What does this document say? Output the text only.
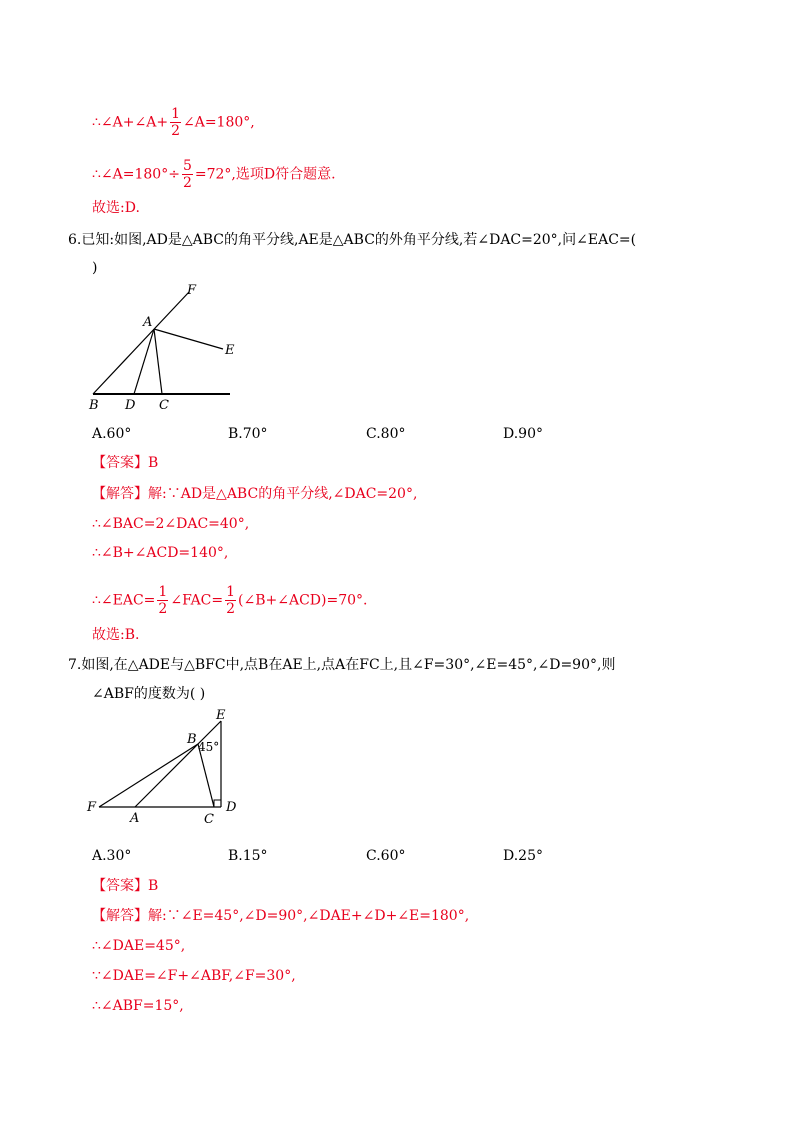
∴∠A+∠A+ $\frac{1}{2}$ ∠A=180°,
∴∠A=180°÷ $\frac{5}{2} =72^\circ$,选项D符合题意.
故选:D.
6.已知:如图,AD是△ABC的角平分线,AE是△ABC的外角平分线,若∠DAC=20°,问∠EAC=(
)
F
A
E
B D C
A.60°	B.70°	C.80°	D.90°
【答案】B
【解答】解:∵AD是△ABC的角平分线,∠DAC=20°,
∴∠BAC=2∠DAC=40°,
∴∠B+∠ACD=140°,
∴∠EAC= $\frac{1}{2}$ ∠FAC= $\frac{1}{2}$ (∠B+∠ACD)=70°.
故选:B.
7.如图,在△ADE与△BFC中,点B在AE上,点A在FC上,且∠F=30°,∠E=45°,∠D=90°,则
∠ABF的度数为( )
E
B 45°
F
A	C
D
A.30°	B.15°	C.60°	D.25°
【答案】B
【解答】解:∵∠E=45°,∠D=90°,∠DAE+∠D+∠E=180°,
∴∠DAE=45°,
∵∠DAE=∠F+∠ABF,∠F=30°,
∴∠ABF=15°,
